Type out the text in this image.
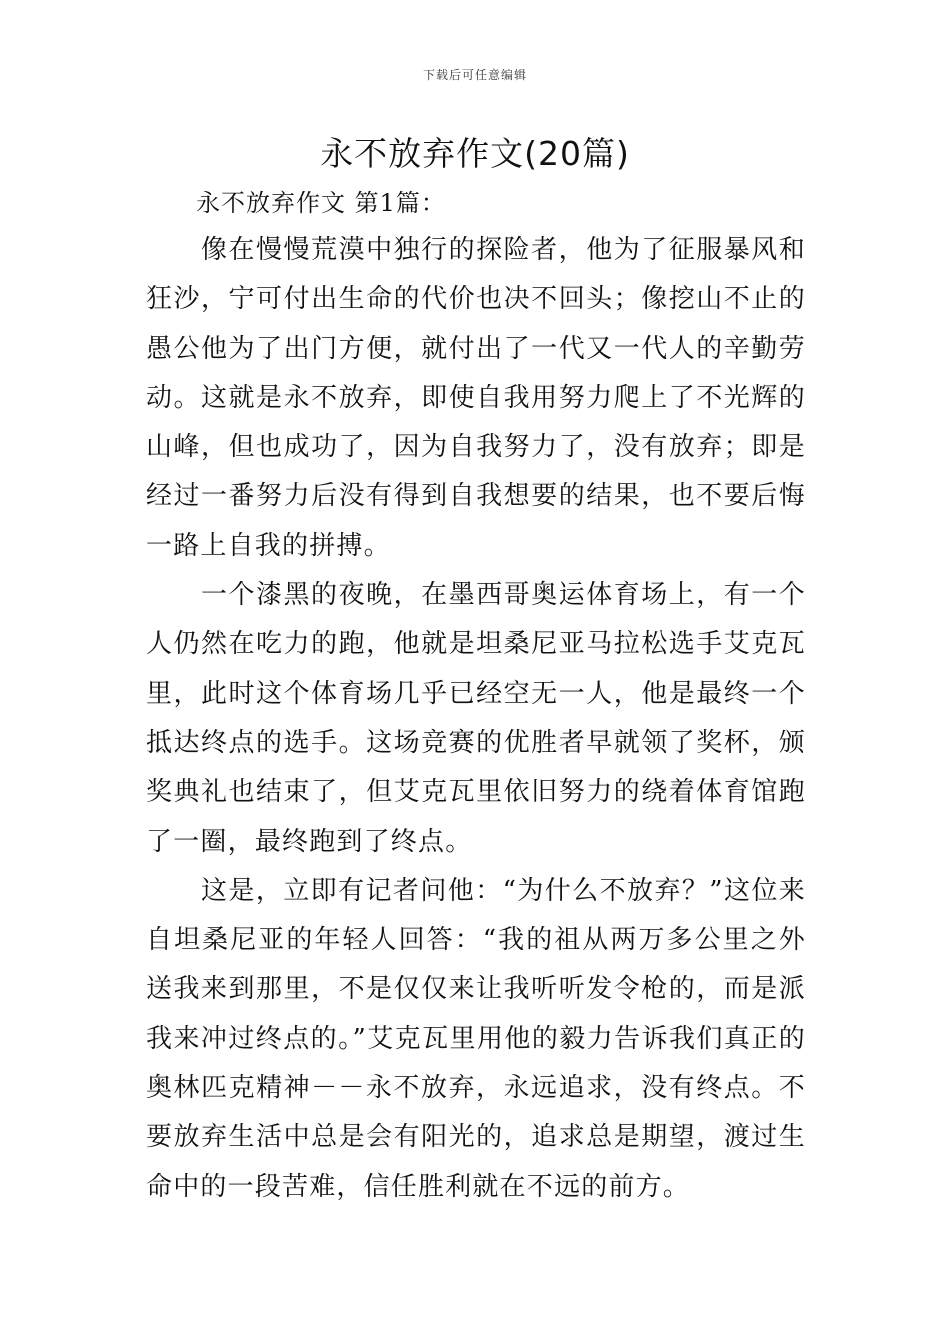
下载后可任意编辑
永不放弃作文(20篇)
永不放弃作文 第1篇：

像在慢慢荒漠中独行的探险者，他为了征服暴风和狂沙，宁可付出生命的代价也决不回头；像挖山不止的愚公他为了出门方便，就付出了一代又一代人的辛勤劳动。这就是永不放弃，即使自我用努力爬上了不光辉的山峰，但也成功了，因为自我努力了，没有放弃；即是经过一番努力后没有得到自我想要的结果，也不要后悔一路上自我的拼搏。

一个漆黑的夜晚，在墨西哥奥运体育场上，有一个人仍然在吃力的跑，他就是坦桑尼亚马拉松选手艾克瓦里，此时这个体育场几乎已经空无一人，他是最终一个抵达终点的选手。这场竞赛的优胜者早就领了奖杯，颁奖典礼也结束了，但艾克瓦里依旧努力的绕着体育馆跑了一圈，最终跑到了终点。

这是，立即有记者问他：“为什么不放弃？”这位来自坦桑尼亚的年轻人回答：“我的祖从两万多公里之外送我来到那里，不是仅仅来让我听听发令枪的，而是派我来冲过终点的。”艾克瓦里用他的毅力告诉我们真正的奥林匹克精神－－永不放弃，永远追求，没有终点。不要放弃生活中总是会有阳光的，追求总是期望，渡过生命中的一段苦难，信任胜利就在不远的前方。
